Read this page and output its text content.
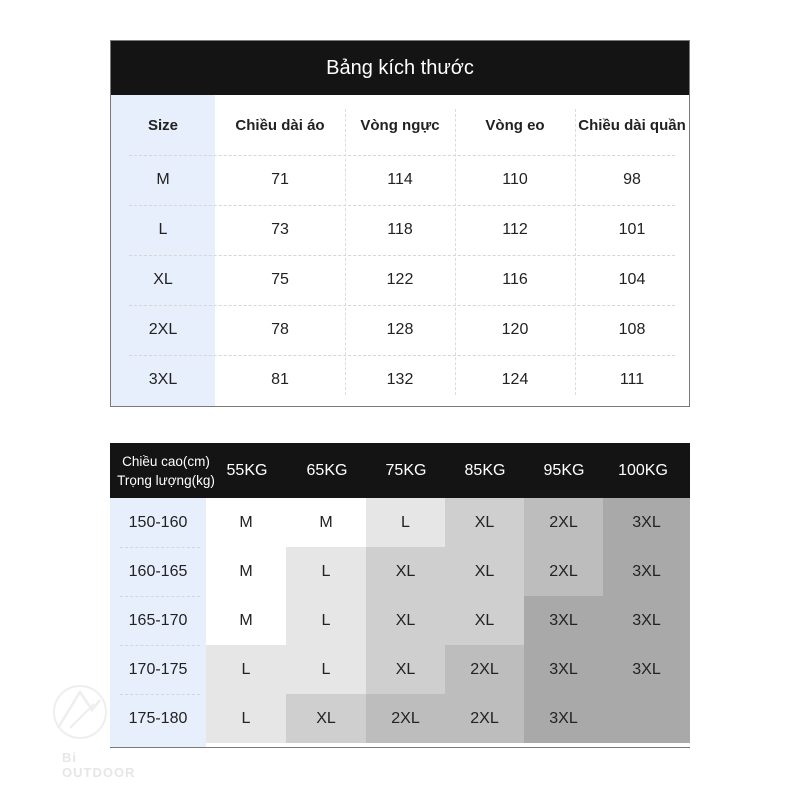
Bảng kích thước
Size	Chiều dài áo	Vòng ngực	Vòng eo	Chiều dài quần
M	71	114	110	98
L	73	118	112	101
XL	75	122	116	104
2XL	78	128	120	108
3XL	81	132	124	111
Chiều cao(cm)
Trọng lượng(kg)
55KG	65KG	75KG	85KG	95KG	100KG
150-160	M	M	L	XL	2XL	3XL
160-165	M	L	XL	XL	2XL	3XL
165-170	M	L	XL	XL	3XL	3XL
170-175	L	L	XL	2XL	3XL	3XL
175-180	L	XL	2XL	2XL	3XL
Bi OUTDOOR
